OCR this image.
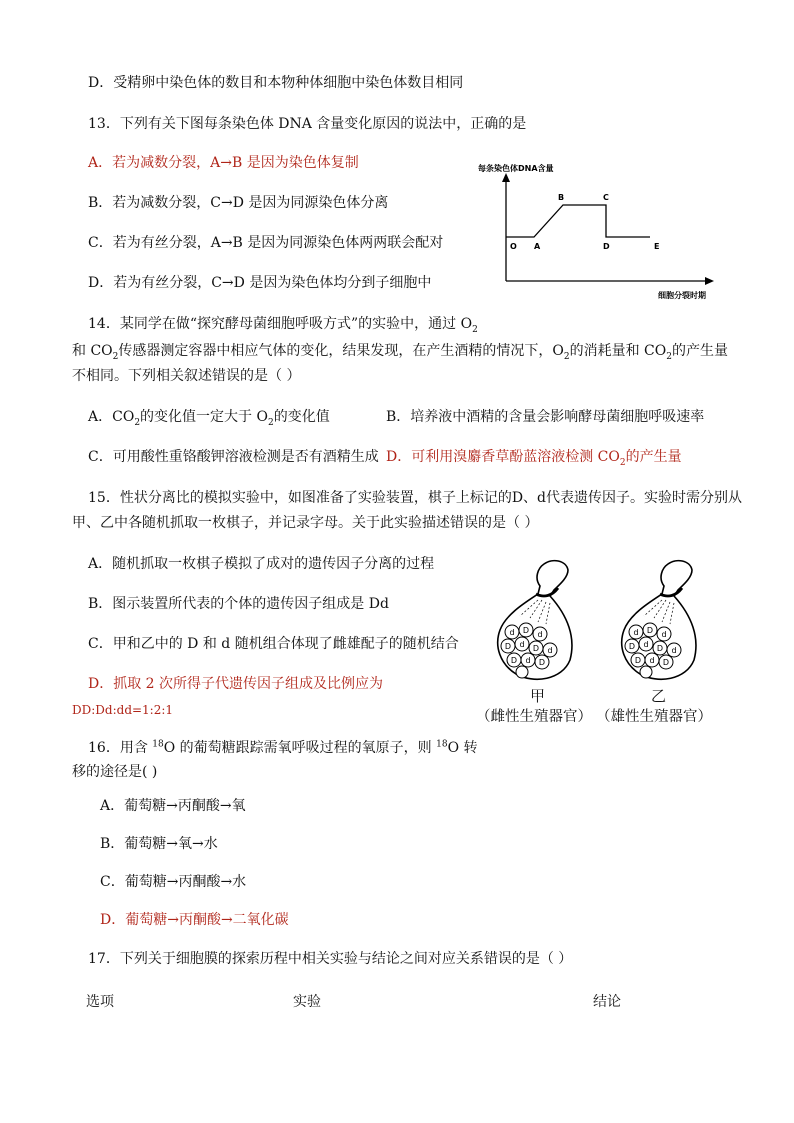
D．受精卵中染色体的数目和本物种体细胞中染色体数目相同
13．下列有关下图每条染色体 DNA 含量变化原因的说法中，正确的是
A．若为减数分裂，A→B 是因为染色体复制
B．若为减数分裂，C→D 是因为同源染色体分离
C．若为有丝分裂，A→B 是因为同源染色体两两联会配对
D．若为有丝分裂，C→D 是因为染色体均分到子细胞中
每条染色体DNA含量
细胞分裂时期
O A
B	C
D	E
14．某同学在做“探究酵母菌细胞呼吸方式”的实验中，通过 $O_2$
和 $CO_2$传感器测定容器中相应气体的变化，结果发现，在产生酒精的情况下，$O_2$的消耗量和 $CO_2$的产生量
不相同。下列相关叙述错误的是（ ）
A．$CO_2$的变化值一定大于 $O_2$的变化值	B．培养液中酒精的含量会影响酵母菌细胞呼吸速率
C．可用酸性重铬酸钾溶液检测是否有酒精生成 D．可利用溴麝香草酚蓝溶液检测 $CO_2$的产生量
15．性状分离比的模拟实验中，如图准备了实验装置，棋子上标记的D、d代表遗传因子。实验时需分别从
甲、乙中各随机抓取一枚棋子，并记录字母。关于此实验描述错误的是（ ）
A．随机抓取一枚棋子模拟了成对的遗传因子分离的过程
B．图示装置所代表的个体的遗传因子组成是 Dd
C．甲和乙中的 D 和 d 随机组合体现了雌雄配子的随机结合
D．抓取 2 次所得子代遗传因子组成及比例应为
DD:Dd:dd=1:2:1
甲	乙
（雌性生殖器官） （雄性生殖器官）
16．用含 $^{18}$O 的葡萄糖跟踪需氧呼吸过程的氧原子，则 $^{18}$O 转
移的途径是( )
A．葡萄糖→丙酮酸→氧
B．葡萄糖→氧→水
C．葡萄糖→丙酮酸→水
D．葡萄糖→丙酮酸→二氧化碳
17．下列关于细胞膜的探索历程中相关实验与结论之间对应关系错误的是（ ）
选项	实验	结论
